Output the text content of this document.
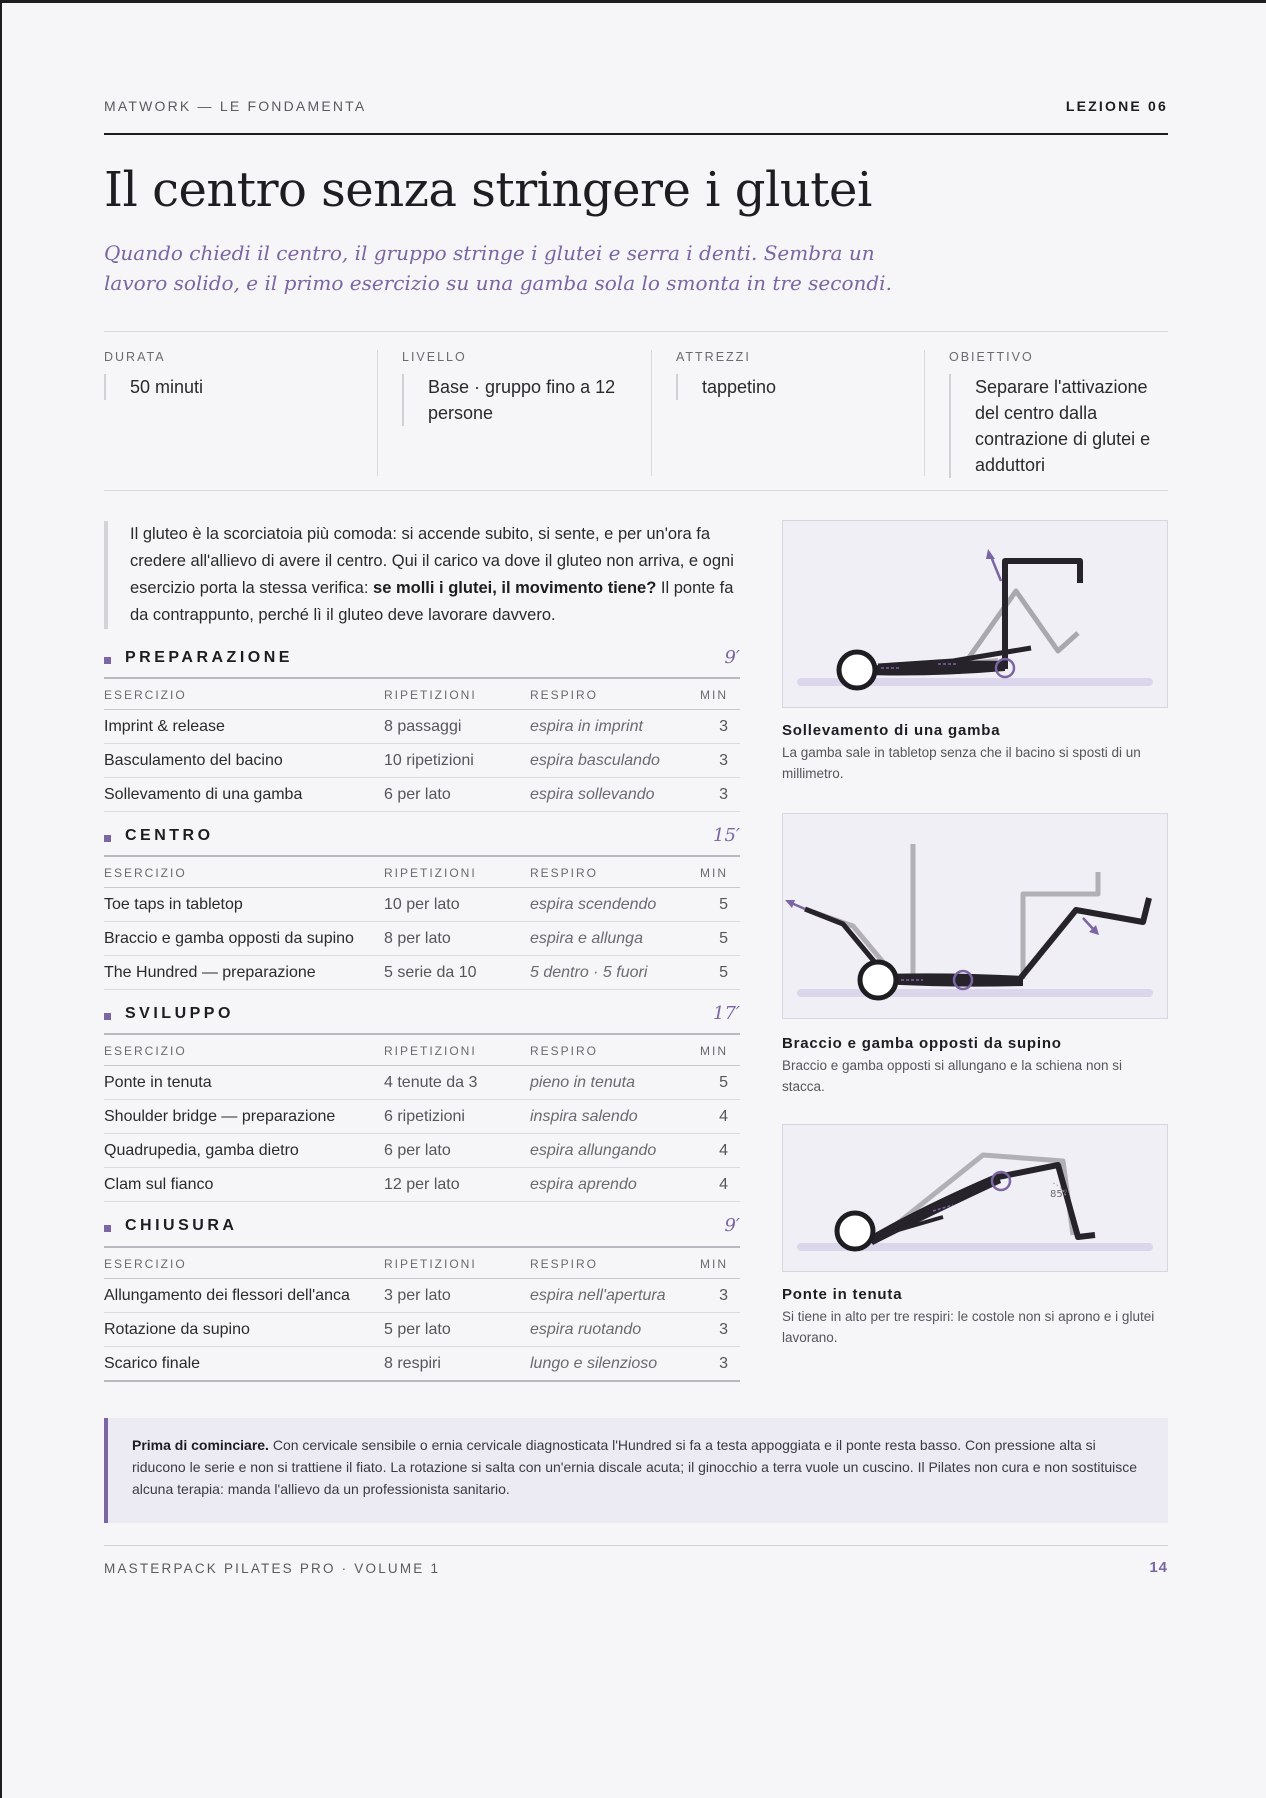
MATWORK — LE FONDAMENTA	LEZIONE 06
Il centro senza stringere i glutei

Quando chiedi il centro, il gruppo stringe i glutei e serra i denti. Sembra un lavoro solido, e il primo esercizio su una gamba sola lo smonta in tre secondi.

DURATA
50 minuti
LIVELLO
Base · gruppo fino a 12 persone
ATTREZZI
tappetino
OBIETTIVO
Separare l'attivazione del centro dalla contrazione di glutei e adduttori
Il gluteo è la scorciatoia più comoda: si accende subito, si sente, e per un'ora fa credere all'allievo di avere il centro. Qui il carico va dove il gluteo non arriva, e ogni esercizio porta la stessa verifica: se molli i glutei, il movimento tiene? Il ponte fa da contrappunto, perché lì il gluteo deve lavorare davvero.
PREPARAZIONE	9′
ESERCIZIO	RIPETIZIONI	RESPIRO	MIN
Imprint & release	8 passaggi	espira in imprint	3
Basculamento del bacino	10 ripetizioni	espira basculando	3
Sollevamento di una gamba	6 per lato	espira sollevando	3
CENTRO	15′
ESERCIZIO	RIPETIZIONI	RESPIRO	MIN
Toe taps in tabletop	10 per lato	espira scendendo	5
Braccio e gamba opposti da supino 8 per lato	espira e allunga	5
The Hundred — preparazione	5 serie da 10	5 dentro · 5 fuori	5
SVILUPPO	17′
ESERCIZIO	RIPETIZIONI	RESPIRO	MIN
Ponte in tenuta	4 tenute da 3	pieno in tenuta	5
Shoulder bridge — preparazione	6 ripetizioni	inspira salendo	4
Quadrupedia, gamba dietro	6 per lato	espira allungando	4
Clam sul fianco	12 per lato	espira aprendo	4
CHIUSURA	9′
ESERCIZIO	RIPETIZIONI	RESPIRO	MIN
Allungamento dei flessori dell'anca 3 per lato	espira nell'apertura	3
Rotazione da supino	5 per lato	espira ruotando	3
Scarico finale	8 respiri	lungo e silenzioso	3
Sollevamento di una gamba
La gamba sale in tabletop senza che il bacino si sposti di un millimetro.
Braccio e gamba opposti da supino
Braccio e gamba opposti si allungano e la schiena non si stacca.
85°
Ponte in tenuta
Si tiene in alto per tre respiri: le costole non si aprono e i glutei lavorano.
Prima di cominciare. Con cervicale sensibile o ernia cervicale diagnosticata l'Hundred si fa a testa appoggiata e il ponte resta basso. Con pressione alta si riducono le serie e non si trattiene il fiato. La rotazione si salta con un'ernia discale acuta; il ginocchio a terra vuole un cuscino. Il Pilates non cura e non sostituisce alcuna terapia: manda l'allievo da un professionista sanitario.
MASTERPACK PILATES PRO · VOLUME 1	14
